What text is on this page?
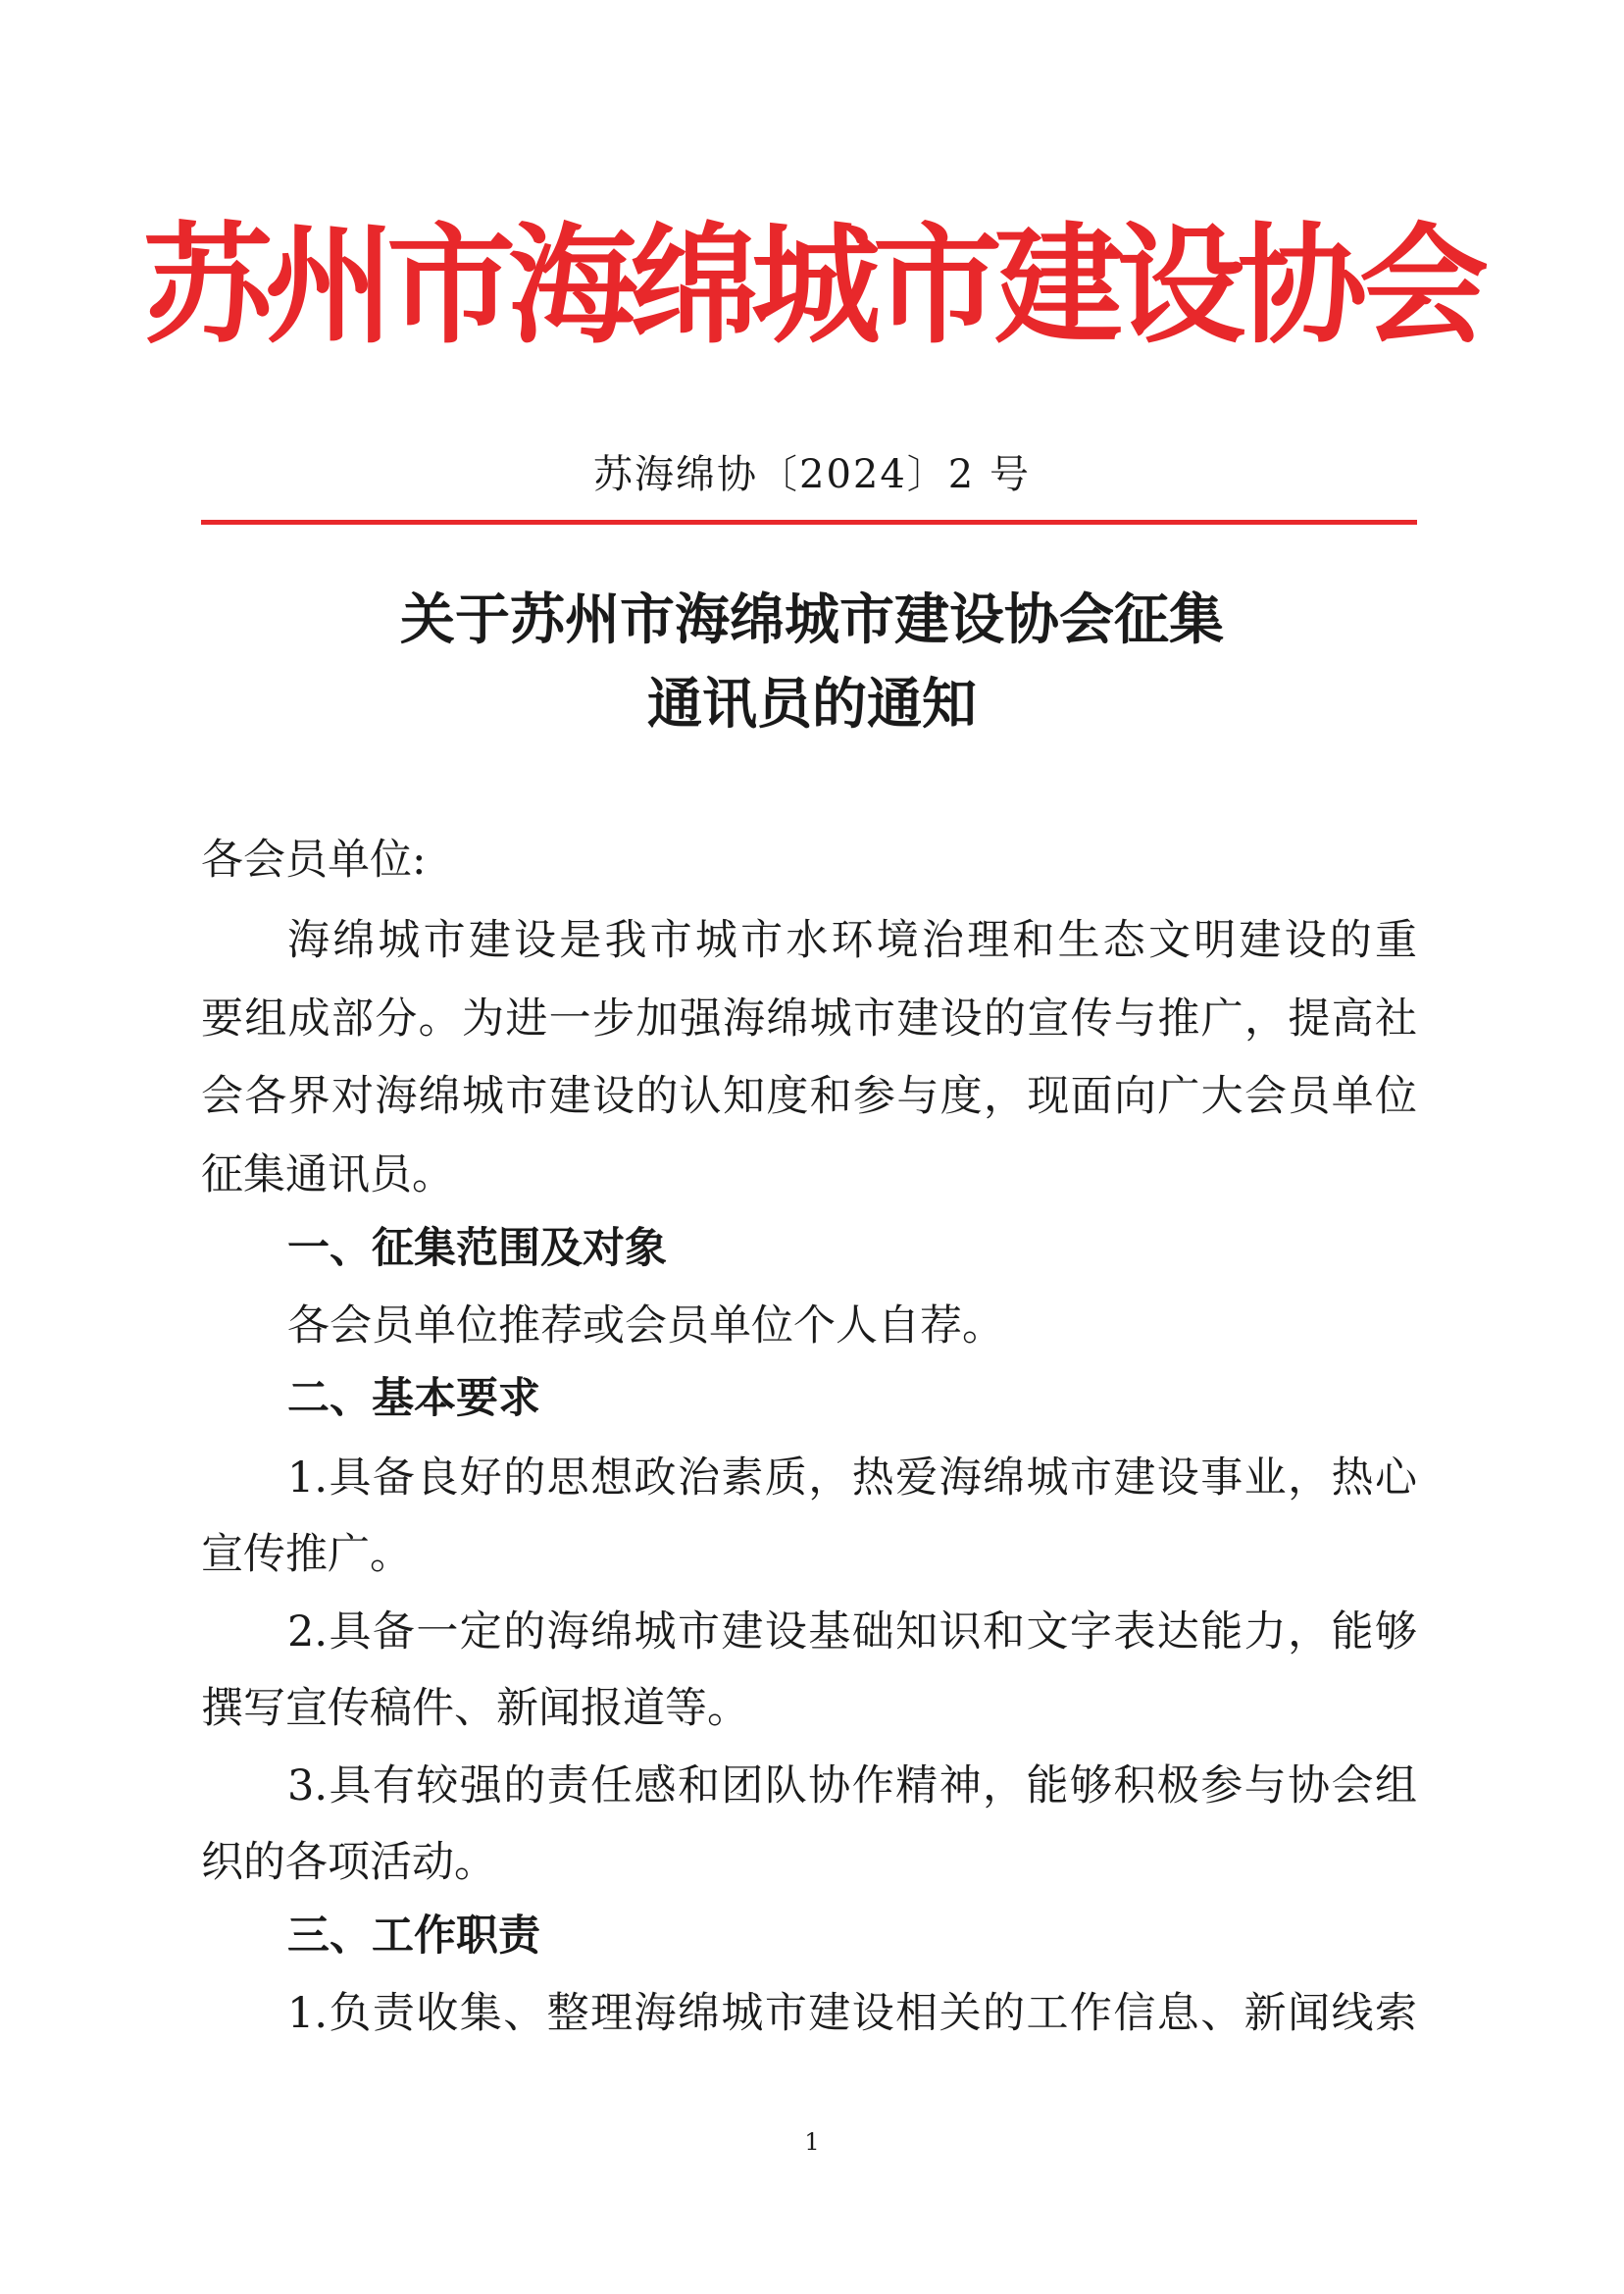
苏州市海绵城市建设协会
苏海绵协〔2024〕2 号
关于苏州市海绵城市建设协会征集
通讯员的通知
各会员单位:
海绵城市建设是我市城市水环境治理和生态文明建设的重
要组成部分。为进一步加强海绵城市建设的宣传与推广，提高社
会各界对海绵城市建设的认知度和参与度，现面向广大会员单位
征集通讯员。
一、征集范围及对象
各会员单位推荐或会员单位个人自荐。
二、基本要求
1.具备良好的思想政治素质，热爱海绵城市建设事业，热心
宣传推广。
2.具备一定的海绵城市建设基础知识和文字表达能力，能够
撰写宣传稿件、新闻报道等。
3.具有较强的责任感和团队协作精神，能够积极参与协会组
织的各项活动。
三、工作职责
1.负责收集、整理海绵城市建设相关的工作信息、新闻线索
1
